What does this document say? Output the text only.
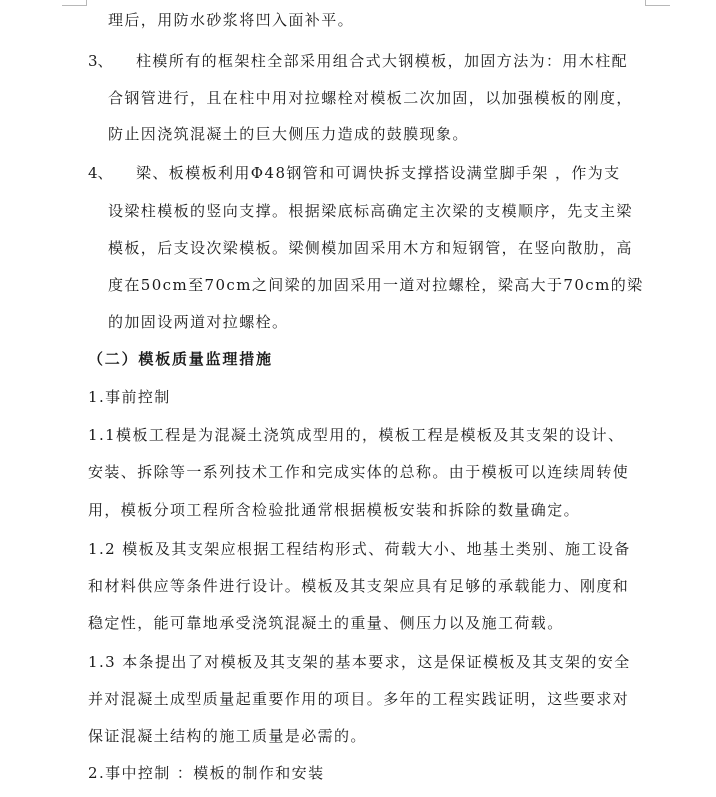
理后，用防水砂浆将凹入面补平。
3、 柱模所有的框架柱全部采用组合式大钢模板，加固方法为：用木柱配
合钢管进行，且在柱中用对拉螺栓对模板二次加固，以加强模板的刚度，
防止因浇筑混凝土的巨大侧压力造成的鼓膜现象。
4、 梁、板模板利用Φ48钢管和可调快拆支撑搭设满堂脚手架 ，作为支
设梁柱模板的竖向支撑。根据梁底标高确定主次梁的支模顺序，先支主梁
模板，后支设次梁模板。梁侧模加固采用木方和短钢管，在竖向散肋，高
度在50cm至70cm之间梁的加固采用一道对拉螺栓，梁高大于70cm的梁
的加固设两道对拉螺栓。
（二）模板质量监理措施
1.事前控制
1.1模板工程是为混凝土浇筑成型用的，模板工程是模板及其支架的设计、
安装、拆除等一系列技术工作和完成实体的总称。由于模板可以连续周转使
用，模板分项工程所含检验批通常根据模板安装和拆除的数量确定。
1.2 模板及其支架应根据工程结构形式、荷载大小、地基土类别、施工设备
和材料供应等条件进行设计。模板及其支架应具有足够的承载能力、刚度和
稳定性，能可靠地承受浇筑混凝土的重量、侧压力以及施工荷载。
1.3 本条提出了对模板及其支架的基本要求，这是保证模板及其支架的安全
并对混凝土成型质量起重要作用的项目。多年的工程实践证明，这些要求对
保证混凝土结构的施工质量是必需的。
2.事中控制 ：模板的制作和安装
